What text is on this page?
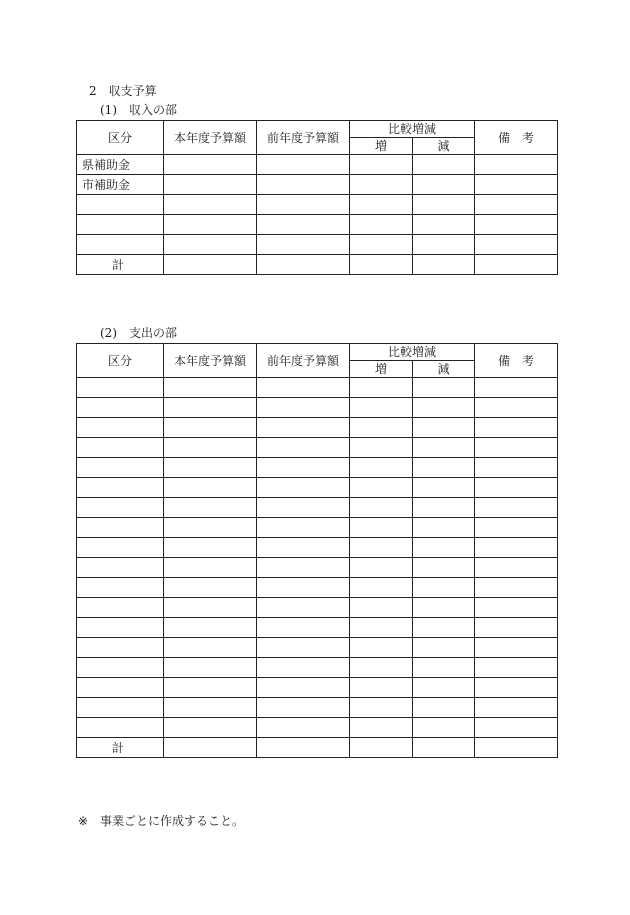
2 収支予算
(1) 収入の部
区分	本年度予算額	前年度予算額	比較増減		備　考
			増	減	
県補助金					
市補助金					

計					
(2) 支出の部
区分	本年度予算額	前年度予算額	比較増減		備　考
			増	減	

計					
※ 事業ごとに作成すること。
